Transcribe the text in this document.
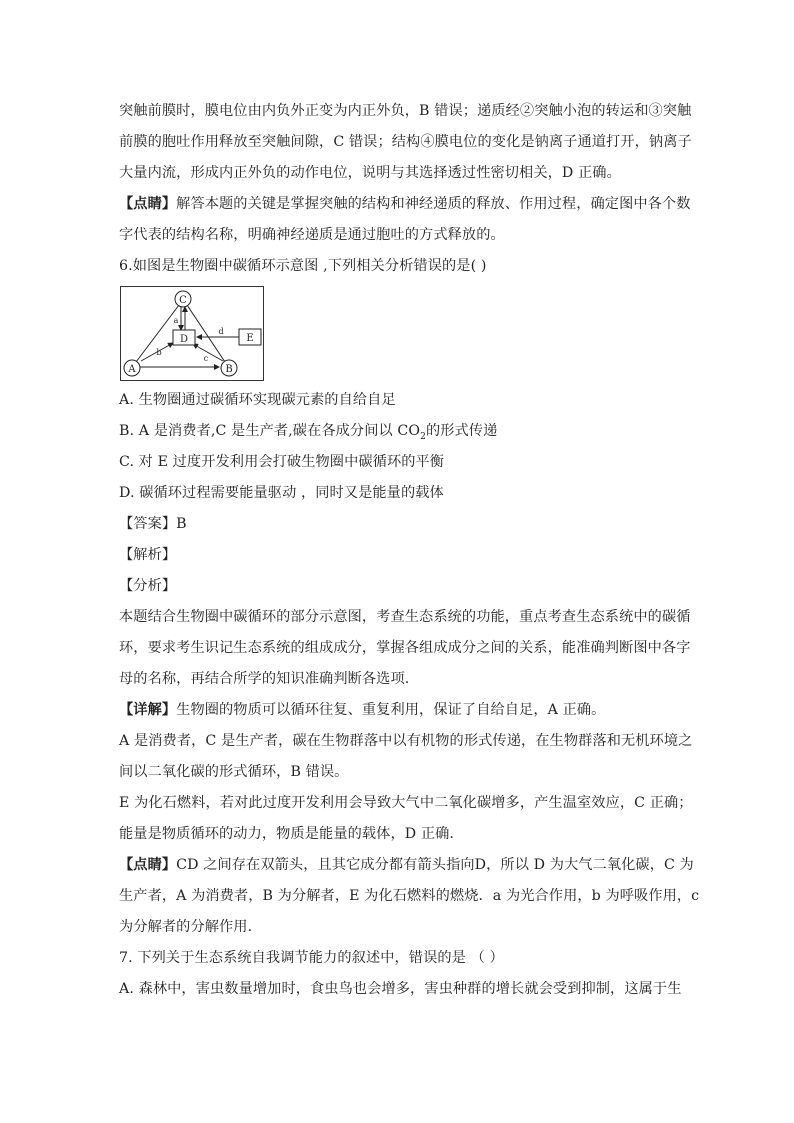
突触前膜时，膜电位由内负外正变为内正外负，B 错误；递质经②突触小泡的转运和③突触
前膜的胞吐作用释放至突触间隙，C 错误；结构④膜电位的变化是钠离子通道打开，钠离子
大量内流，形成内正外负的动作电位，说明与其选择透过性密切相关，D 正确。
【点睛】解答本题的关键是掌握突触的结构和神经递质的释放、作用过程，确定图中各个数
字代表的结构名称，明确神经递质是通过胞吐的方式释放的。
6.如图是生物圈中碳循环示意图 ,下列相关分析错误的是( )
C
D	E
A	B
a
b
c
d
A. 生物圈通过碳循环实现碳元素的自给自足
B. A 是消费者,C 是生产者,碳在各成分间以 $CO_2$的形式传递
C. 对 E 过度开发利用会打破生物圈中碳循环的平衡
D. 碳循环过程需要能量驱动 ，同时又是能量的载体
【答案】B
【解析】
【分析】
本题结合生物圈中碳循环的部分示意图，考查生态系统的功能，重点考查生态系统中的碳循
环，要求考生识记生态系统的组成成分，掌握各组成成分之间的关系，能准确判断图中各字
母的名称，再结合所学的知识准确判断各选项.
【详解】生物圈的物质可以循环往复、重复利用，保证了自给自足，A 正确。
A 是消费者，C 是生产者，碳在生物群落中以有机物的形式传递，在生物群落和无机环境之
间以二氧化碳的形式循环，B 错误。
E 为化石燃料，若对此过度开发利用会导致大气中二氧化碳增多，产生温室效应，C 正确；
能量是物质循环的动力，物质是能量的载体，D 正确.
【点睛】CD 之间存在双箭头，且其它成分都有箭头指向D，所以 D 为大气二氧化碳，C 为
生产者，A 为消费者，B 为分解者，E 为化石燃料的燃烧．a 为光合作用，b 为呼吸作用，c
为分解者的分解作用.
7. 下列关于生态系统自我调节能力的叙述中，错误的是 （ ）
A. 森林中，害虫数量增加时，食虫鸟也会增多，害虫种群的增长就会受到抑制，这属于生
